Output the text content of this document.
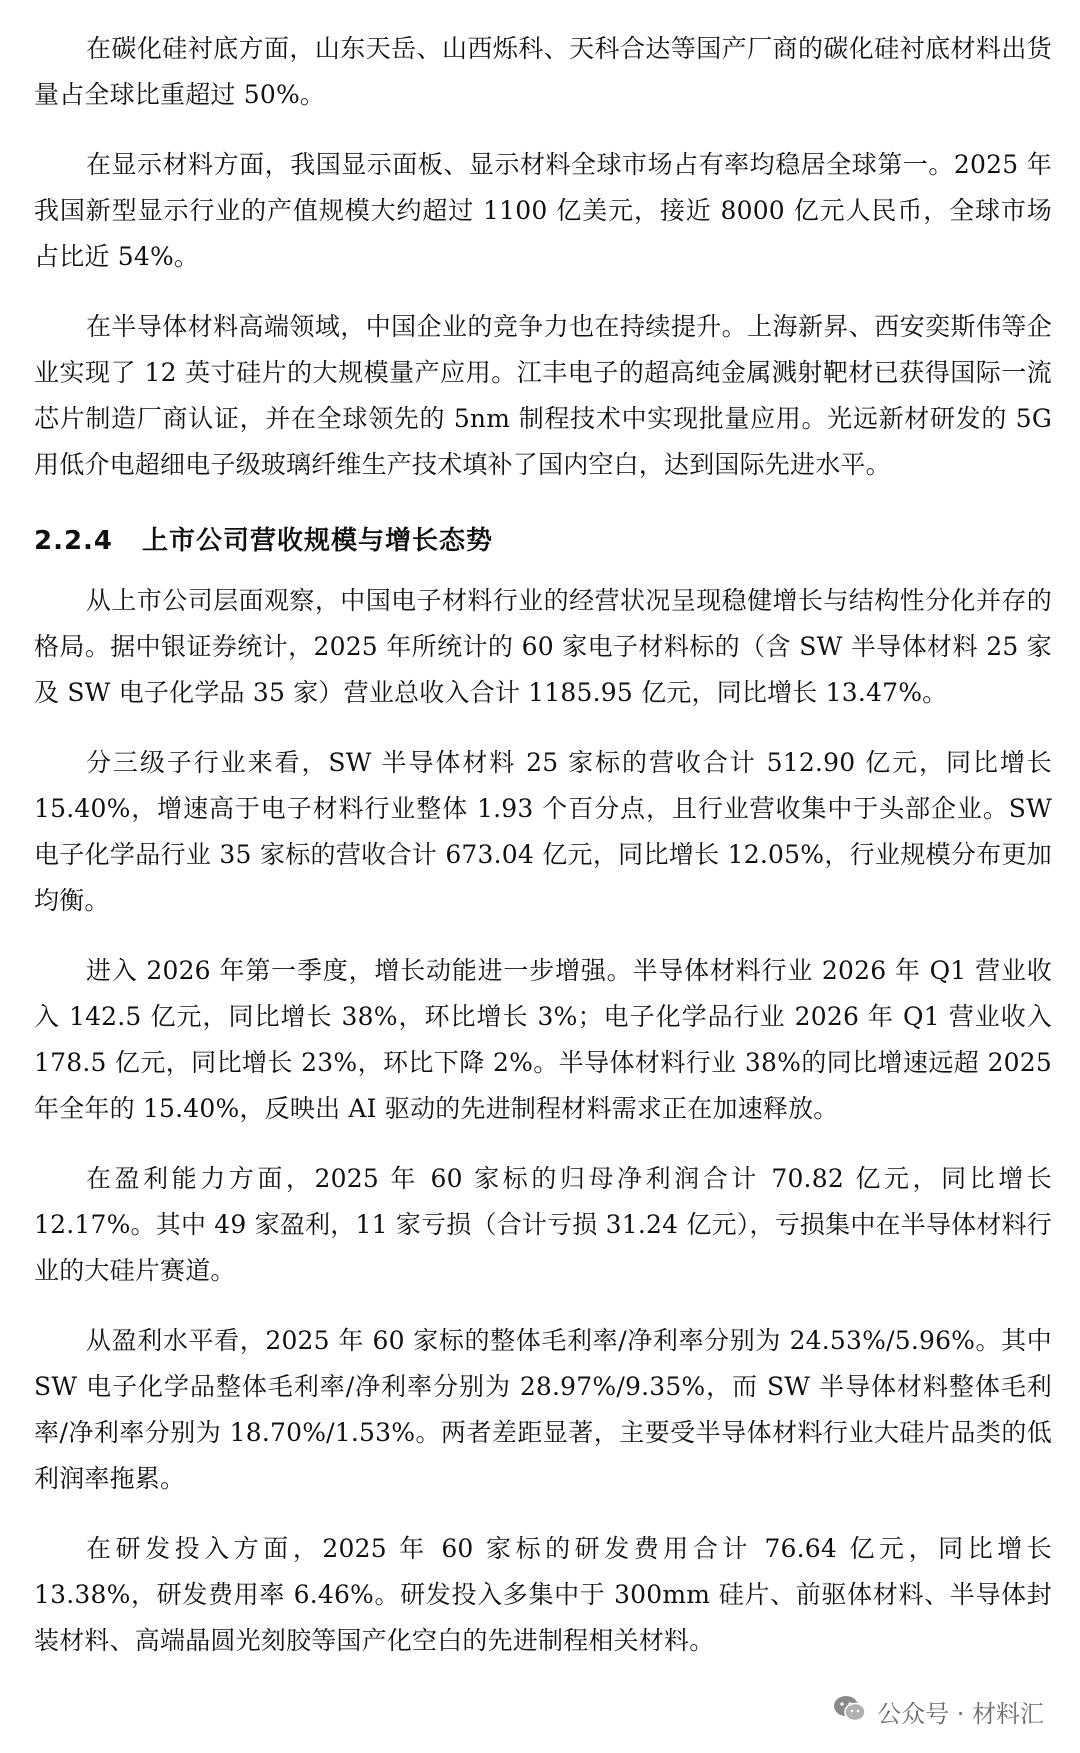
在碳化硅衬底方面，山东天岳、山西烁科、天科合达等国产厂商的碳化硅衬底材料出货量占全球比重超过 50%。

在显示材料方面，我国显示面板、显示材料全球市场占有率均稳居全球第一。2025 年我国新型显示行业的产值规模大约超过 1100 亿美元，接近 8000 亿元人民币，全球市场占比近 54%。

在半导体材料高端领域，中国企业的竞争力也在持续提升。上海新昇、西安奕斯伟等企业实现了 12 英寸硅片的大规模量产应用。江丰电子的超高纯金属溅射靶材已获得国际一流芯片制造厂商认证，并在全球领先的 5nm 制程技术中实现批量应用。光远新材研发的 5G 用低介电超细电子级玻璃纤维生产技术填补了国内空白，达到国际先进水平。

2.2.4 上市公司营收规模与增长态势

从上市公司层面观察，中国电子材料行业的经营状况呈现稳健增长与结构性分化并存的格局。据中银证券统计，2025 年所统计的 60 家电子材料标的（含 SW 半导体材料 25 家及 SW 电子化学品 35 家）营业总收入合计 1185.95 亿元，同比增长 13.47%。

分三级子行业来看，SW 半导体材料 25 家标的营收合计 512.90 亿元，同比增长 15.40%，增速高于电子材料行业整体 1.93 个百分点，且行业营收集中于头部企业。SW 电子化学品行业 35 家标的营收合计 673.04 亿元，同比增长 12.05%，行业规模分布更加均衡。

进入 2026 年第一季度，增长动能进一步增强。半导体材料行业 2026 年 Q1 营业收入 142.5 亿元，同比增长 38%，环比增长 3%；电子化学品行业 2026 年 Q1 营业收入 178.5 亿元，同比增长 23%，环比下降 2%。半导体材料行业 38%的同比增速远超 2025 年全年的 15.40%，反映出 AI 驱动的先进制程材料需求正在加速释放。

在盈利能力方面，2025 年 60 家标的归母净利润合计 70.82 亿元，同比增长 12.17%。其中 49 家盈利，11 家亏损（合计亏损 31.24 亿元），亏损集中在半导体材料行业的大硅片赛道。

从盈利水平看，2025 年 60 家标的整体毛利率/净利率分别为 24.53%/5.96%。其中 SW 电子化学品整体毛利率/净利率分别为 28.97%/9.35%，而 SW 半导体材料整体毛利率/净利率分别为 18.70%/1.53%。两者差距显著，主要受半导体材料行业大硅片品类的低利润率拖累。

在研发投入方面，2025 年 60 家标的研发费用合计 76.64 亿元，同比增长 13.38%，研发费用率 6.46%。研发投入多集中于 300mm 硅片、前驱体材料、半导体封装材料、高端晶圆光刻胶等国产化空白的先进制程相关材料。

公众号 · 材料汇
